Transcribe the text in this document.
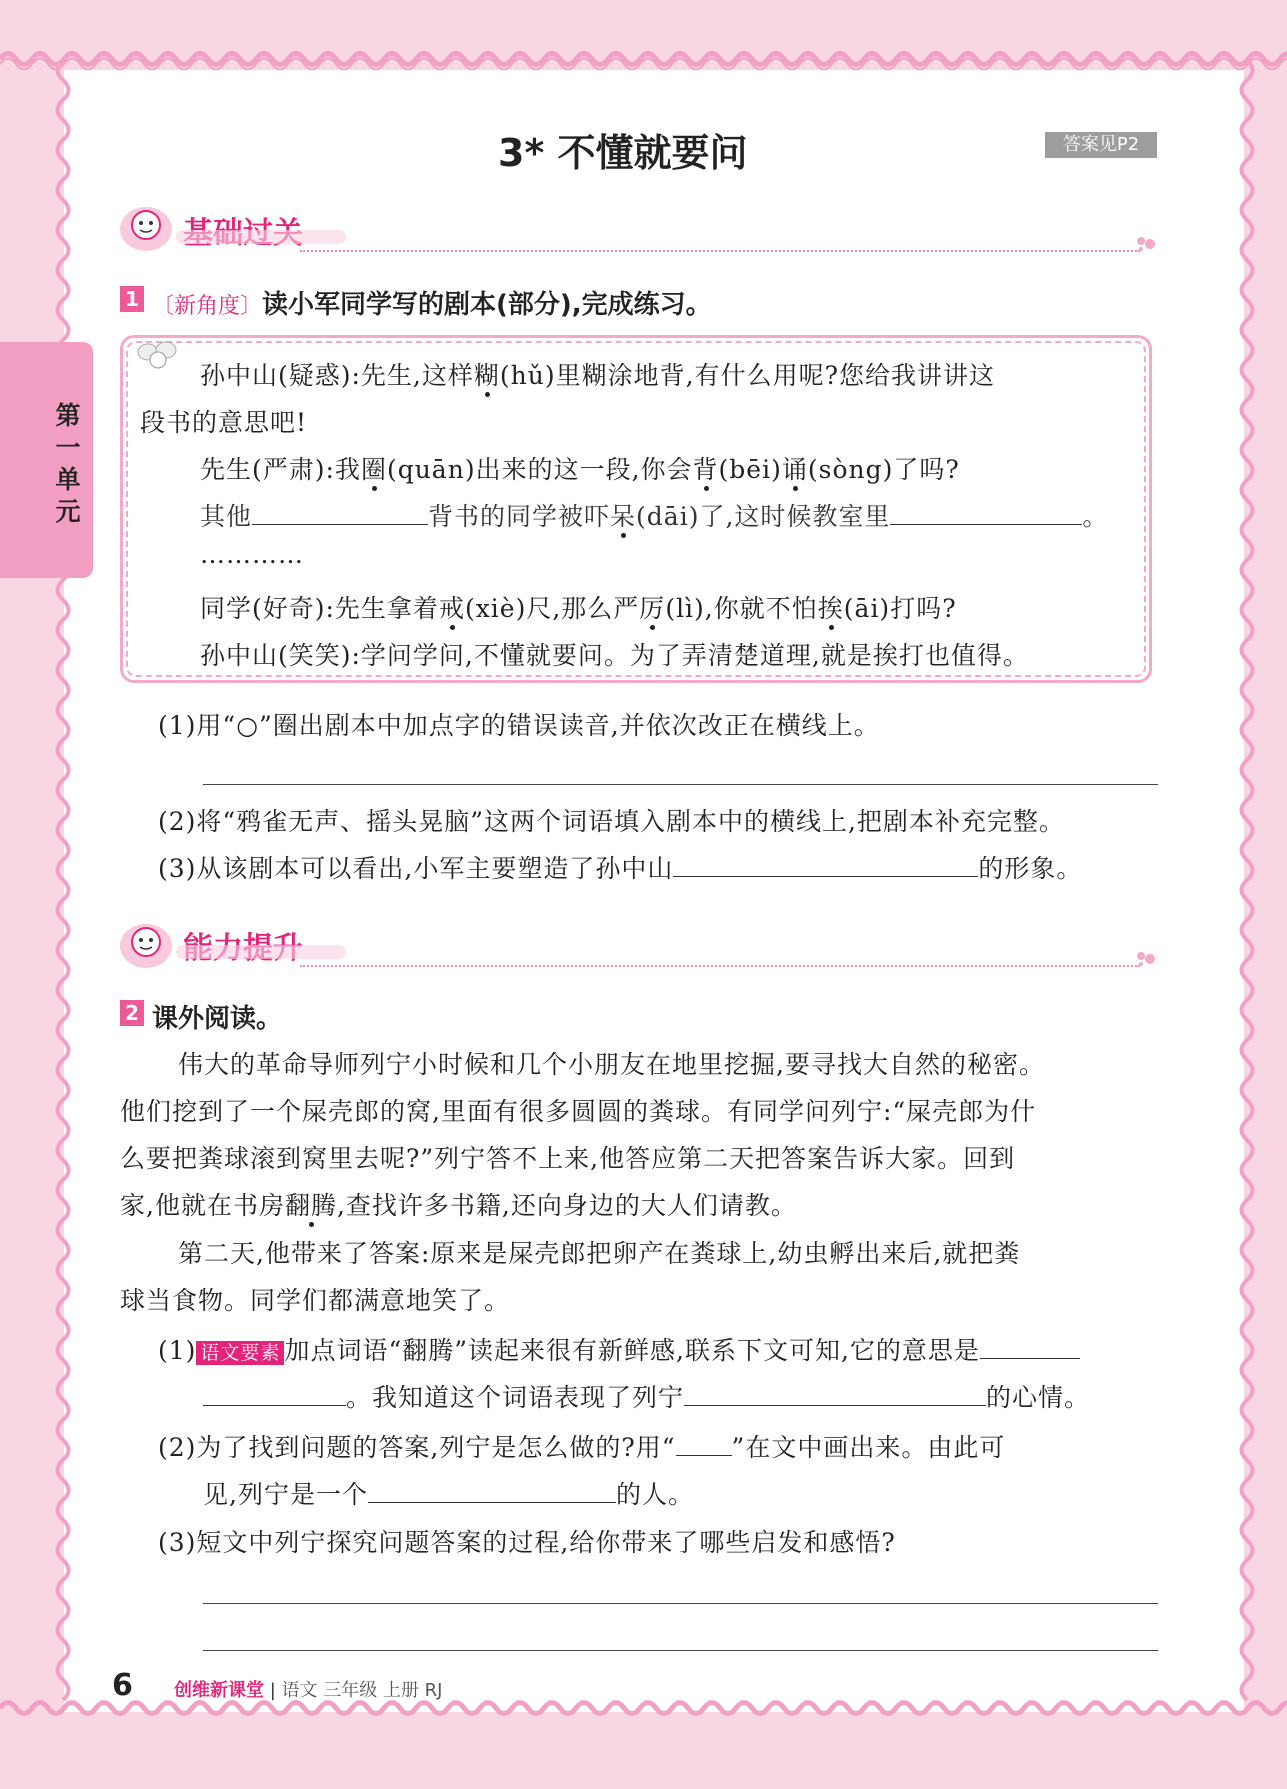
第
一
单
元
3* 不懂就要问	答案见P2
1 〔新角度〕读小军同学写的剧本(部分),完成练习。
孙中山(疑惑):先生,这样糊(hǔ)里糊涂地背,有什么用呢?您给我讲讲这
段书的意思吧!
先生(严肃):我圈(quān)出来的这一段,你会背(bēi)诵(sòng)了吗?
其他	背书的同学被吓呆(dāi)了,这时候教室里	。
…………
同学(好奇):先生拿着戒(xiè)尺,那么严厉(lì),你就不怕挨(āi)打吗?
孙中山(笑笑):学问学问,不懂就要问。为了弄清楚道理,就是挨打也值得。
(1)用“○”圈出剧本中加点字的错误读音,并依次改正在横线上。
(2)将“鸦雀无声、摇头晃脑”这两个词语填入剧本中的横线上,把剧本补充完整。
(3)从该剧本可以看出,小军主要塑造了孙中山	的形象。
2 课外阅读。
伟大的革命导师列宁小时候和几个小朋友在地里挖掘,要寻找大自然的秘密。
他们挖到了一个屎壳郎的窝,里面有很多圆圆的粪球。有同学问列宁:“屎壳郎为什
么要把粪球滚到窝里去呢?”列宁答不上来,他答应第二天把答案告诉大家。回到
家,他就在书房翻腾,查找许多书籍,还向身边的大人们请教。
第二天,他带来了答案:原来是屎壳郎把卵产在粪球上,幼虫孵出来后,就把粪
球当食物。同学们都满意地笑了。
(1) 语文要素 加点词语“翻腾”读起来很有新鲜感,联系下文可知,它的意思是
。我知道这个词语表现了列宁	的心情。
(2)为了找到问题的答案,列宁是怎么做的?用“ ”在文中画出来。由此可
见,列宁是一个	的人。
(3)短文中列宁探究问题答案的过程,给你带来了哪些启发和感悟?
6 创维新课堂 | 语文 三年级 上册 RJ
